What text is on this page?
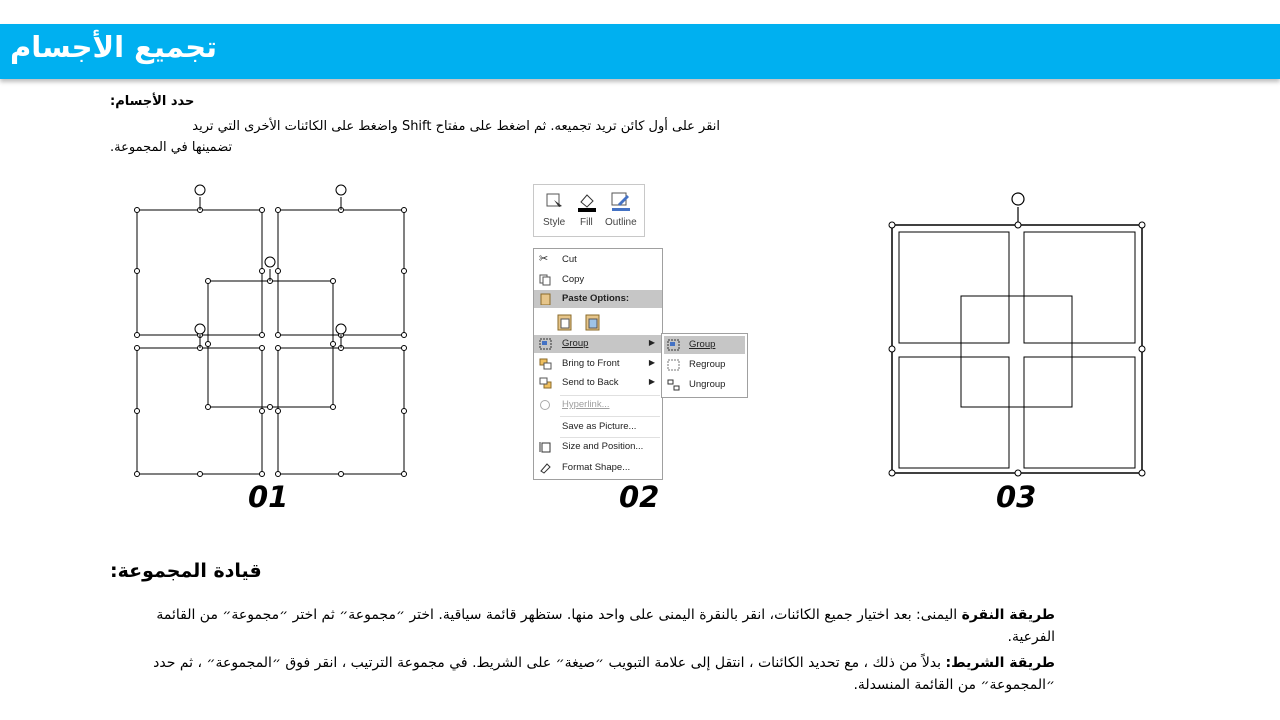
تجميع الأجسام
حدد الأجسام:
انقر على أول كائن تريد تجميعه. ثم اضغط على مفتاح Shift واضغط على الكائنات الأخرى التي تريد
تضمينها في المجموعة.
01
Style Fill Outline
✂	Cut
Copy
Paste Options:
Group	▶
Bring to Front	▶
Send to Back	▶
Hyperlink...
Save as Picture...
Size and Position...
Format Shape...
Group
Regroup
Ungroup
02	03
قيادة المجموعة:
طريقة النقرة اليمنى: بعد اختيار جميع الكائنات، انقر بالنقرة اليمنى على واحد منها. ستظهر قائمة سياقية. اختر ״مجموعة״ ثم اختر ״مجموعة״ من القائمة الفرعية.
طريقة الشريط: بدلاً من ذلك ، مع تحديد الكائنات ، انتقل إلى علامة التبويب ״صيغة״ على الشريط. في مجموعة الترتيب ، انقر فوق ״المجموعة״ ، ثم حدد ״المجموعة״ من القائمة المنسدلة.
